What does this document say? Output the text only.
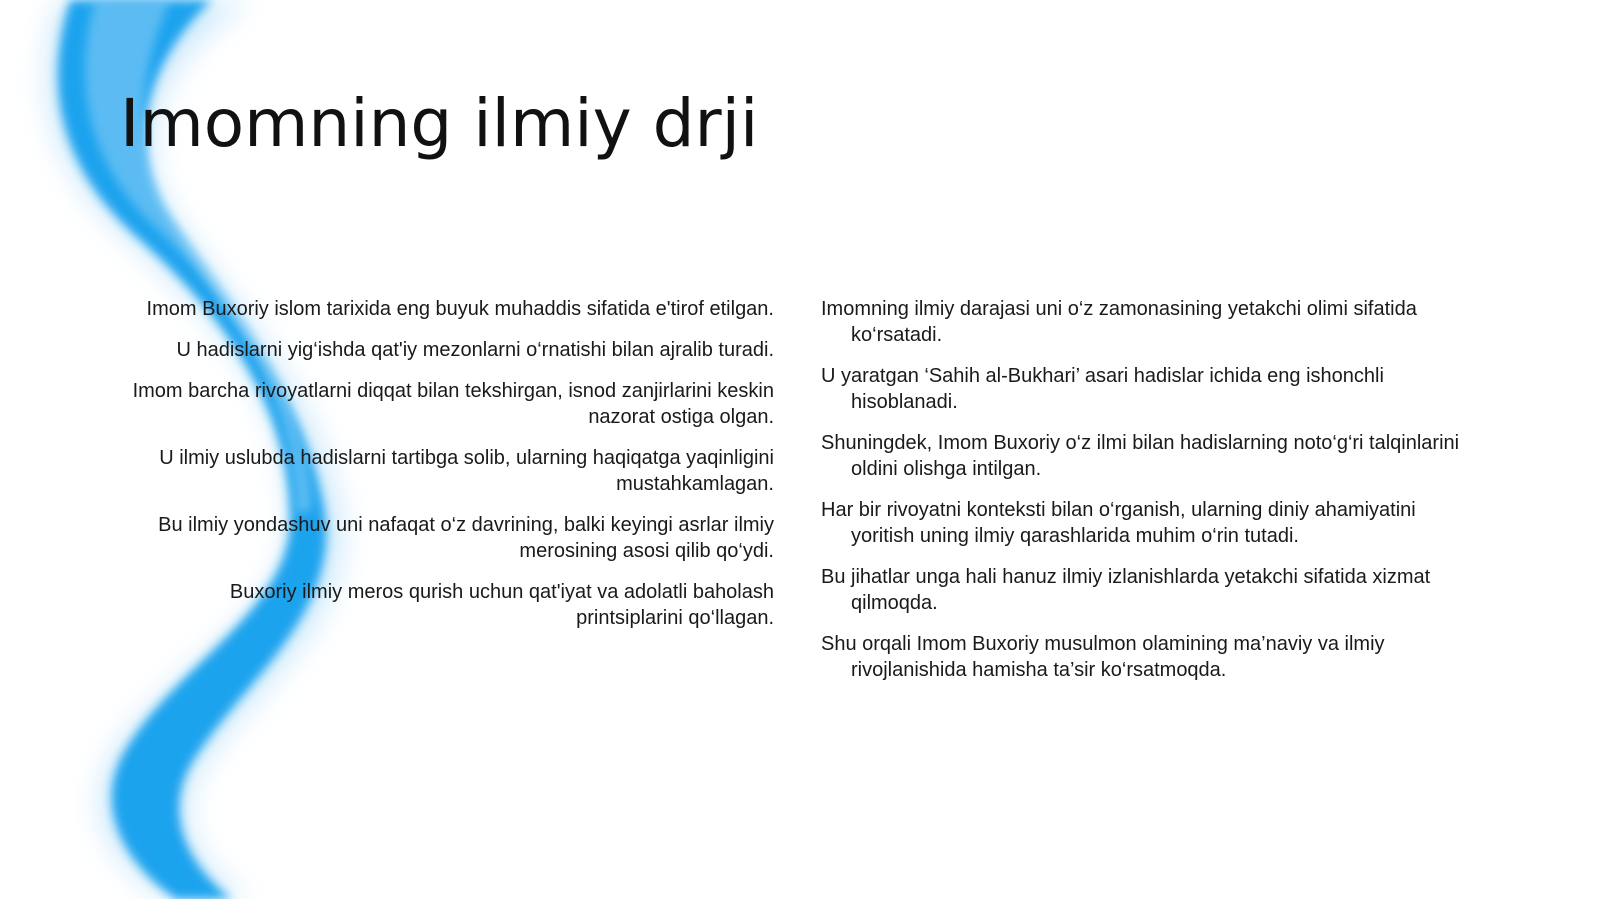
Imomning ilmiy drji

Imom Buxoriy islom tarixida eng buyuk muhaddis sifatida e'tirof etilgan.

U hadislarni yig‘ishda qat'iy mezonlarni o‘rnatishi bilan ajralib turadi.

Imom barcha rivoyatlarni diqqat bilan tekshirgan, isnod zanjirlarini keskin nazorat ostiga olgan.

U ilmiy uslubda hadislarni tartibga solib, ularning haqiqatga yaqinligini mustahkamlagan.

Bu ilmiy yondashuv uni nafaqat o‘z davrining, balki keyingi asrlar ilmiy merosining asosi qilib qo‘ydi.

Buxoriy ilmiy meros qurish uchun qat'iyat va adolatli baholash printsiplarini qo‘llagan.

Imomning ilmiy darajasi uni o‘z zamonasining yetakchi olimi sifatida ko‘rsatadi.

U yaratgan ‘Sahih al-Bukhari’ asari hadislar ichida eng ishonchli hisoblanadi.

Shuningdek, Imom Buxoriy o‘z ilmi bilan hadislarning noto‘g‘ri talqinlarini oldini olishga intilgan.

Har bir rivoyatni konteksti bilan o‘rganish, ularning diniy ahamiyatini yoritish uning ilmiy qarashlarida muhim o‘rin tutadi.

Bu jihatlar unga hali hanuz ilmiy izlanishlarda yetakchi sifatida xizmat qilmoqda.

Shu orqali Imom Buxoriy musulmon olamining ma’naviy va ilmiy rivojlanishida hamisha ta’sir ko‘rsatmoqda.
